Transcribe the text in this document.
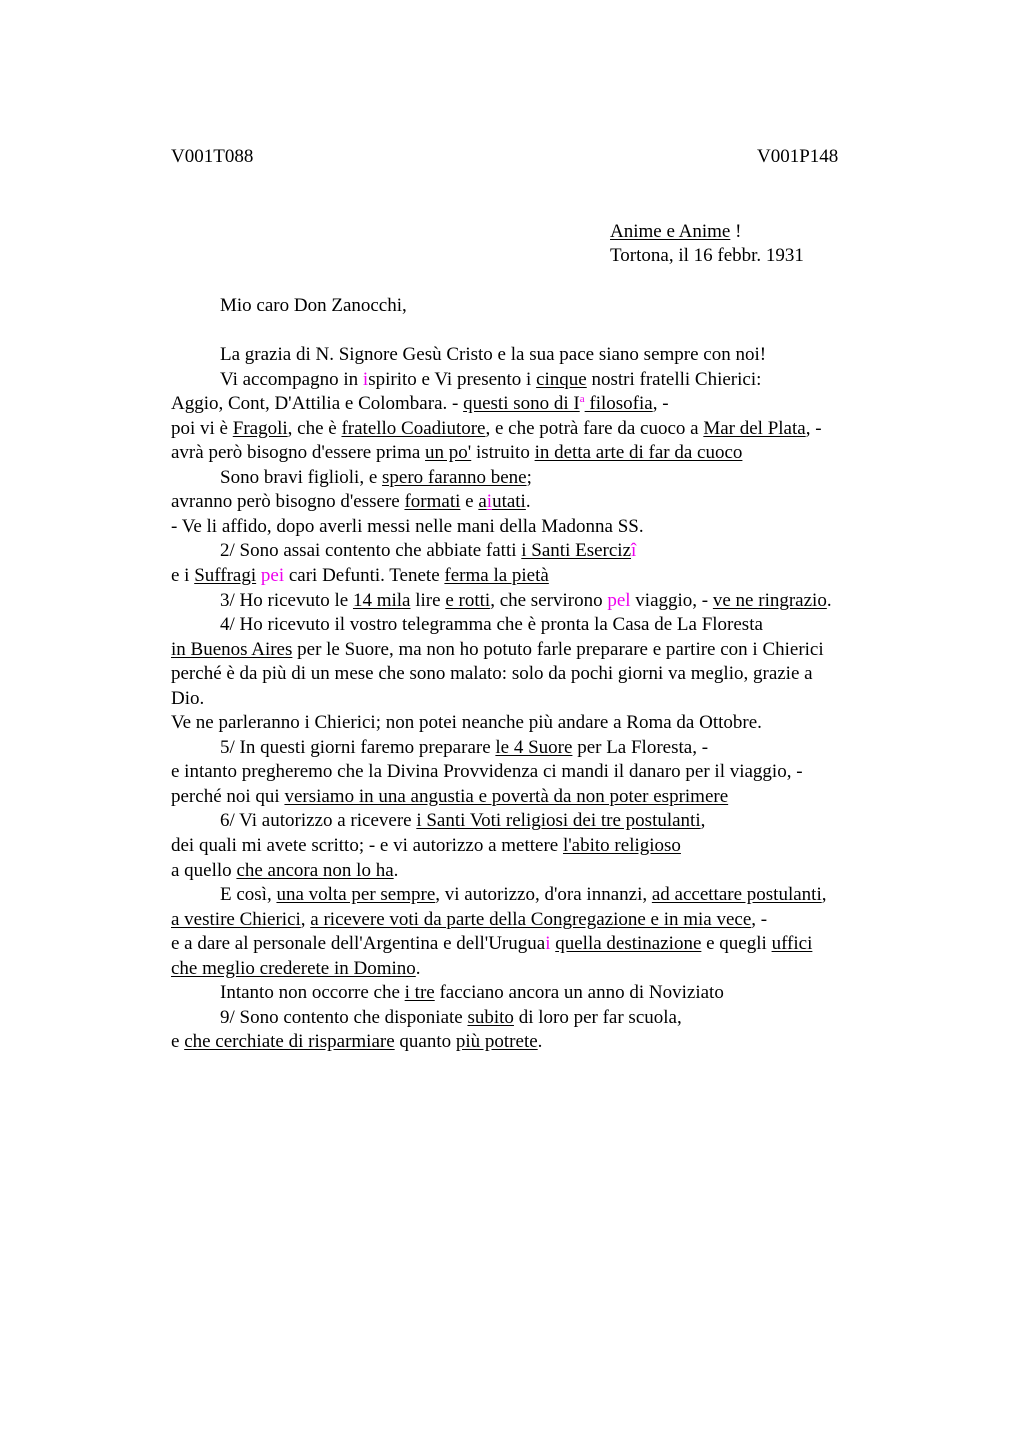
V001T088	V001P148
Anime e Anime !
Tortona, il 16 febbr. 1931
Mio caro Don Zanocchi,
La grazia di N. Signore Gesù Cristo e la sua pace siano sempre con noi!
Vi accompagno in ispirito e Vi presento i cinque nostri fratelli Chierici:
Aggio, Cont, D'Attilia e Colombara. - questi sono di $I^a$ filosofia, -
poi vi è Fragoli, che è fratello Coadiutore, e che potrà fare da cuoco a Mar del Plata, -
avrà però bisogno d'essere prima un po' istruito in detta arte di far da cuoco
Sono bravi figlioli, e spero faranno bene;
avranno però bisogno d'essere formati e aiutati.
- Ve li affido, dopo averli messi nelle mani della Madonna SS.
2/ Sono assai contento che abbiate fatti i Santi Esercizî
e i Suffragi pei cari Defunti. Tenete ferma la pietà
3/ Ho ricevuto le 14 mila lire e rotti, che servirono pel viaggio, - ve ne ringrazio.
4/ Ho ricevuto il vostro telegramma che è pronta la Casa de La Floresta
in Buenos Aires per le Suore, ma non ho potuto farle preparare e partire con i Chierici
perché è da più di un mese che sono malato: solo da pochi giorni va meglio, grazie a
Dio.
Ve ne parleranno i Chierici; non potei neanche più andare a Roma da Ottobre.
5/ In questi giorni faremo preparare le 4 Suore per La Floresta, -
e intanto pregheremo che la Divina Provvidenza ci mandi il danaro per il viaggio, -
perché noi qui versiamo in una angustia e povertà da non poter esprimere
6/ Vi autorizzo a ricevere i Santi Voti religiosi dei tre postulanti,
dei quali mi avete scritto; - e vi autorizzo a mettere l'abito religioso
a quello che ancora non lo ha.
E così, una volta per sempre, vi autorizzo, d'ora innanzi, ad accettare postulanti,
a vestire Chierici, a ricevere voti da parte della Congregazione e in mia vece, -
e a dare al personale dell'Argentina e dell'Uruguai quella destinazione e quegli uffici
che meglio crederete in Domino.
Intanto non occorre che i tre facciano ancora un anno di Noviziato
9/ Sono contento che disponiate subito di loro per far scuola,
e che cerchiate di risparmiare quanto più potrete.
